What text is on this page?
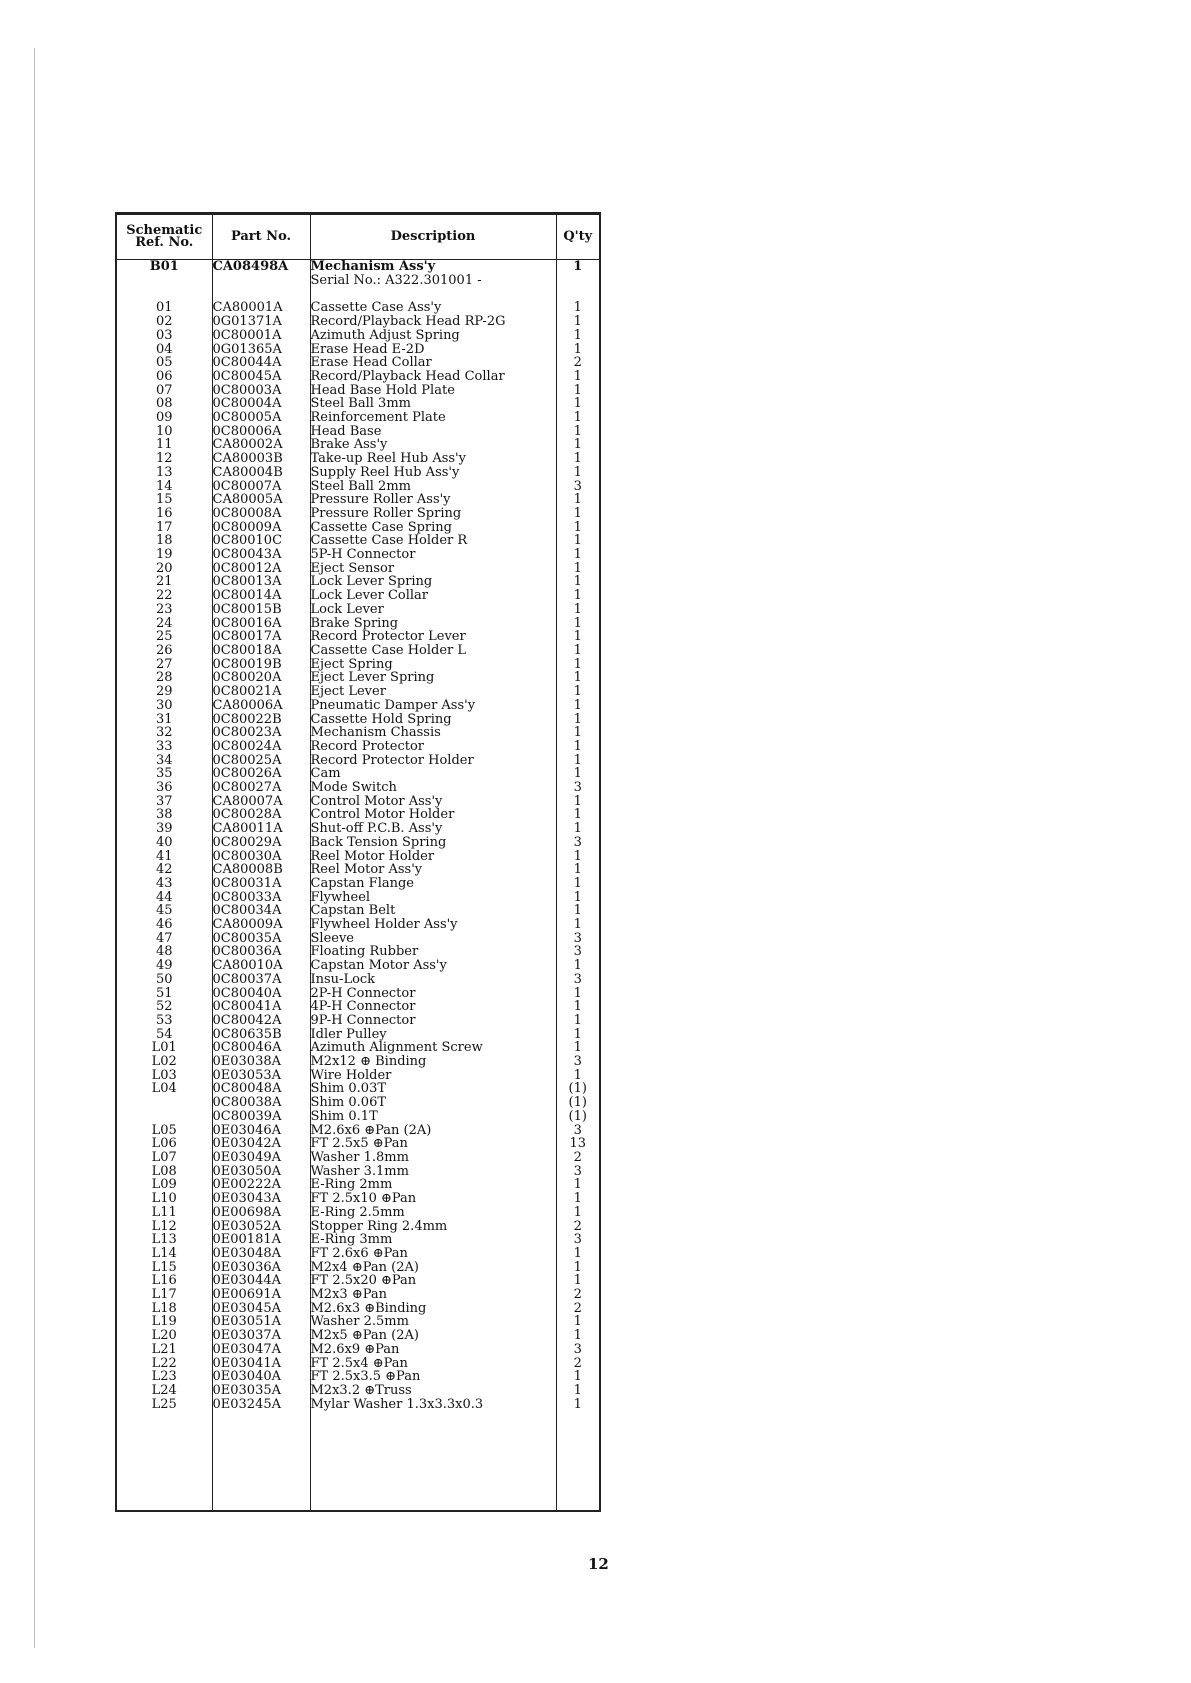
Schematic
Ref. No.	Part No.	Description	Q'ty
B01	CA08498A	Mechanism Ass'y	1
		Serial No.: A322.301001 -	

01	CA80001A	Cassette Case Ass'y	1
02	0G01371A	Record/Playback Head RP-2G	1
03	0C80001A	Azimuth Adjust Spring	1
04	0G01365A	Erase Head E-2D	1
05	0C80044A	Erase Head Collar	2
06	0C80045A	Record/Playback Head Collar	1
07	0C80003A	Head Base Hold Plate	1
08	0C80004A	Steel Ball 3mm	1
09	0C80005A	Reinforcement Plate	1
10	0C80006A	Head Base	1
11	CA80002A	Brake Ass'y	1
12	CA80003B	Take-up Reel Hub Ass'y	1
13	CA80004B	Supply Reel Hub Ass'y	1
14	0C80007A	Steel Ball 2mm	3
15	CA80005A	Pressure Roller Ass'y	1
16	0C80008A	Pressure Roller Spring	1
17	0C80009A	Cassette Case Spring	1
18	0C80010C	Cassette Case Holder R	1
19	0C80043A	5P-H Connector	1
20	0C80012A	Eject Sensor	1
21	0C80013A	Lock Lever Spring	1
22	0C80014A	Lock Lever Collar	1
23	0C80015B	Lock Lever	1
24	0C80016A	Brake Spring	1
25	0C80017A	Record Protector Lever	1
26	0C80018A	Cassette Case Holder L	1
27	0C80019B	Eject Spring	1
28	0C80020A	Eject Lever Spring	1
29	0C80021A	Eject Lever	1
30	CA80006A	Pneumatic Damper Ass'y	1
31	0C80022B	Cassette Hold Spring	1
32	0C80023A	Mechanism Chassis	1
33	0C80024A	Record Protector	1
34	0C80025A	Record Protector Holder	1
35	0C80026A	Cam	1
36	0C80027A	Mode Switch	3
37	CA80007A	Control Motor Ass'y	1
38	0C80028A	Control Motor Holder	1
39	CA80011A	Shut-off P.C.B. Ass'y	1
40	0C80029A	Back Tension Spring	3
41	0C80030A	Reel Motor Holder	1
42	CA80008B	Reel Motor Ass'y	1
43	0C80031A	Capstan Flange	1
44	0C80033A	Flywheel	1
45	0C80034A	Capstan Belt	1
46	CA80009A	Flywheel Holder Ass'y	1
47	0C80035A	Sleeve	3
48	0C80036A	Floating Rubber	3
49	CA80010A	Capstan Motor Ass'y	1
50	0C80037A	Insu-Lock	3
51	0C80040A	2P-H Connector	1
52	0C80041A	4P-H Connector	1
53	0C80042A	9P-H Connector	1
54	0C80635B	Idler Pulley	1
L01	0C80046A	Azimuth Alignment Screw	1
L02	0E03038A	M2x12 ⊕ Binding	3
L03	0E03053A	Wire Holder	1
L04	0C80048A	Shim 0.03T	(1)
	0C80038A	Shim 0.06T	(1)
	0C80039A	Shim 0.1T	(1)
L05	0E03046A	M2.6x6 ⊕Pan (2A)	3
L06	0E03042A	FT 2.5x5 ⊕Pan	13
L07	0E03049A	Washer 1.8mm	2
L08	0E03050A	Washer 3.1mm	3
L09	0E00222A	E-Ring 2mm	1
L10	0E03043A	FT 2.5x10 ⊕Pan	1
L11	0E00698A	E-Ring 2.5mm	1
L12	0E03052A	Stopper Ring 2.4mm	2
L13	0E00181A	E-Ring 3mm	3
L14	0E03048A	FT 2.6x6 ⊕Pan	1
L15	0E03036A	M2x4 ⊕Pan (2A)	1
L16	0E03044A	FT 2.5x20 ⊕Pan	1
L17	0E00691A	M2x3 ⊕Pan	2
L18	0E03045A	M2.6x3 ⊕Binding	2
L19	0E03051A	Washer 2.5mm	1
L20	0E03037A	M2x5 ⊕Pan (2A)	1
L21	0E03047A	M2.6x9 ⊕Pan	3
L22	0E03041A	FT 2.5x4 ⊕Pan	2
L23	0E03040A	FT 2.5x3.5 ⊕Pan	1
L24	0E03035A	M2x3.2 ⊕Truss	1
L25	0E03245A	Mylar Washer 1.3x3.3x0.3	1

12
